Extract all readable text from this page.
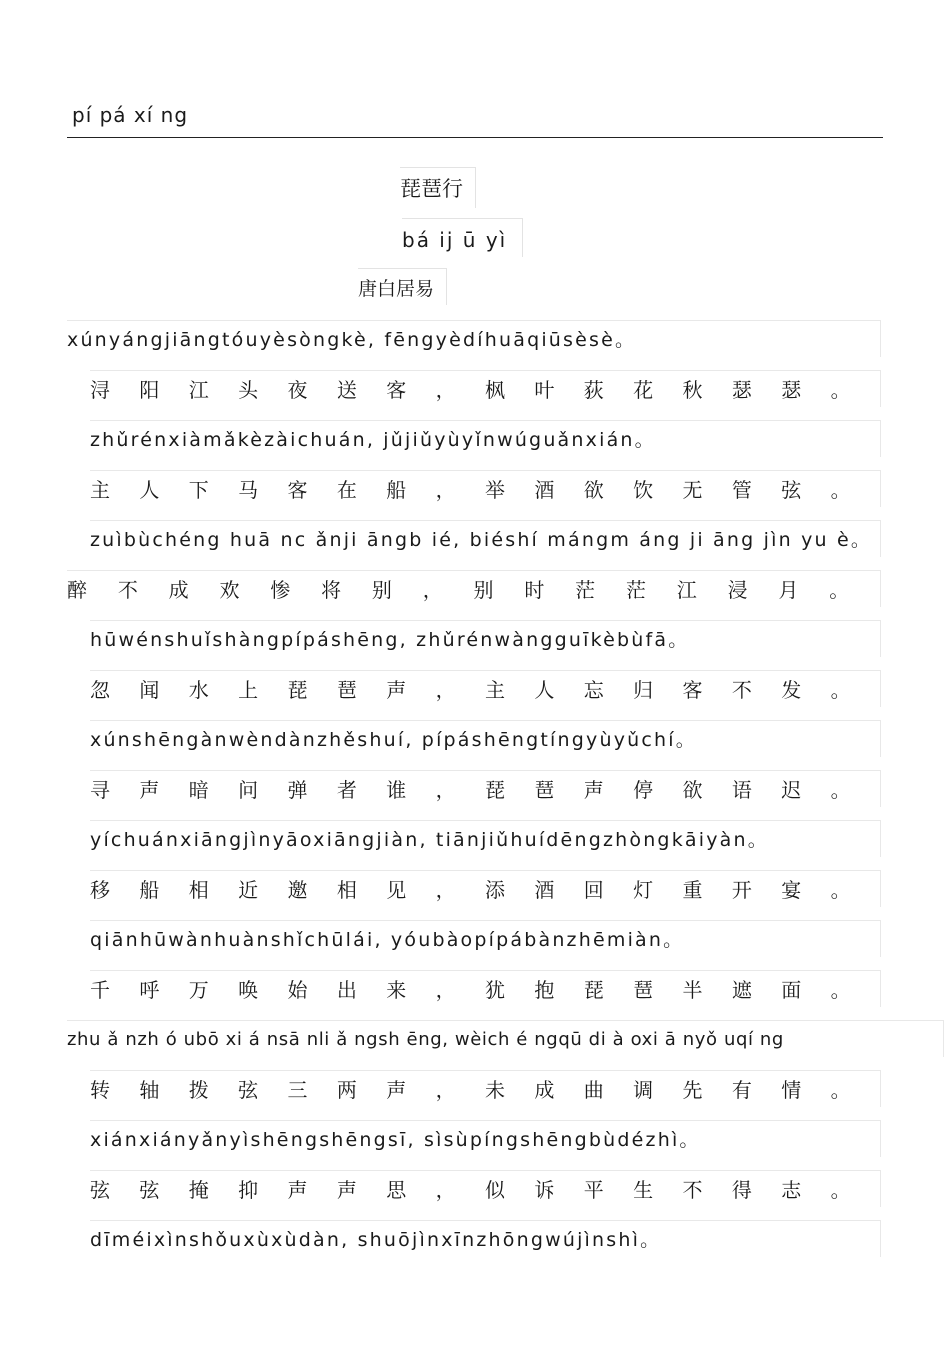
pí pá xí ng
琵琶行
bá ij ū yì
唐白居易
xúnyángjiāngtóuyèsòngkè, fēngyèdíhuāqiūsèsè。
浔	阳	江	头	夜	送	客	，	枫	叶	荻	花	秋	瑟	瑟	。
zhǔrénxiàmǎkèzàichuán, jǔjiǔyùyǐnwúguǎnxián。
主	人	下	马	客	在	船	，	举	酒	欲	饮	无	管	弦	。
zuìbùchéng huā nc ǎnji āngb ié, biéshí mángm áng ji āng jìn yu è。
醉	不	成	欢	惨	将	别	，	别	时	茫	茫	江	浸	月	。
hūwénshuǐshàngpípáshēng, zhǔrénwàngguīkèbùfā。
忽	闻	水	上	琵	琶	声	，	主	人	忘	归	客	不	发	。
xúnshēngànwèndànzhěshuí, pípáshēngtíngyùyǔchí。
寻	声	暗	问	弹	者	谁	，	琵	琶	声	停	欲	语	迟	。
yíchuánxiāngjìnyāoxiāngjiàn, tiānjiǔhuídēngzhòngkāiyàn。
移	船	相	近	邀	相	见	，	添	酒	回	灯	重	开	宴	。
qiānhūwànhuànshǐchūlái, yóubàopípábànzhēmiàn。
千	呼	万	唤	始	出	来	，	犹	抱	琵	琶	半	遮	面	。
zhu ǎ nzh ó ubō xi á nsā nli ǎ ngsh ēng, wèich é ngqū di à oxi ā nyǒ uqí ng
转	轴	拨	弦	三	两	声	，	未	成	曲	调	先	有	情	。
xiánxiányǎnyìshēngshēngsī, sìsùpíngshēngbùdézhì。
弦	弦	掩	抑	声	声	思	，	似	诉	平	生	不	得	志	。
dīméixìnshǒuxùxùdàn, shuōjìnxīnzhōngwújìnshì。
